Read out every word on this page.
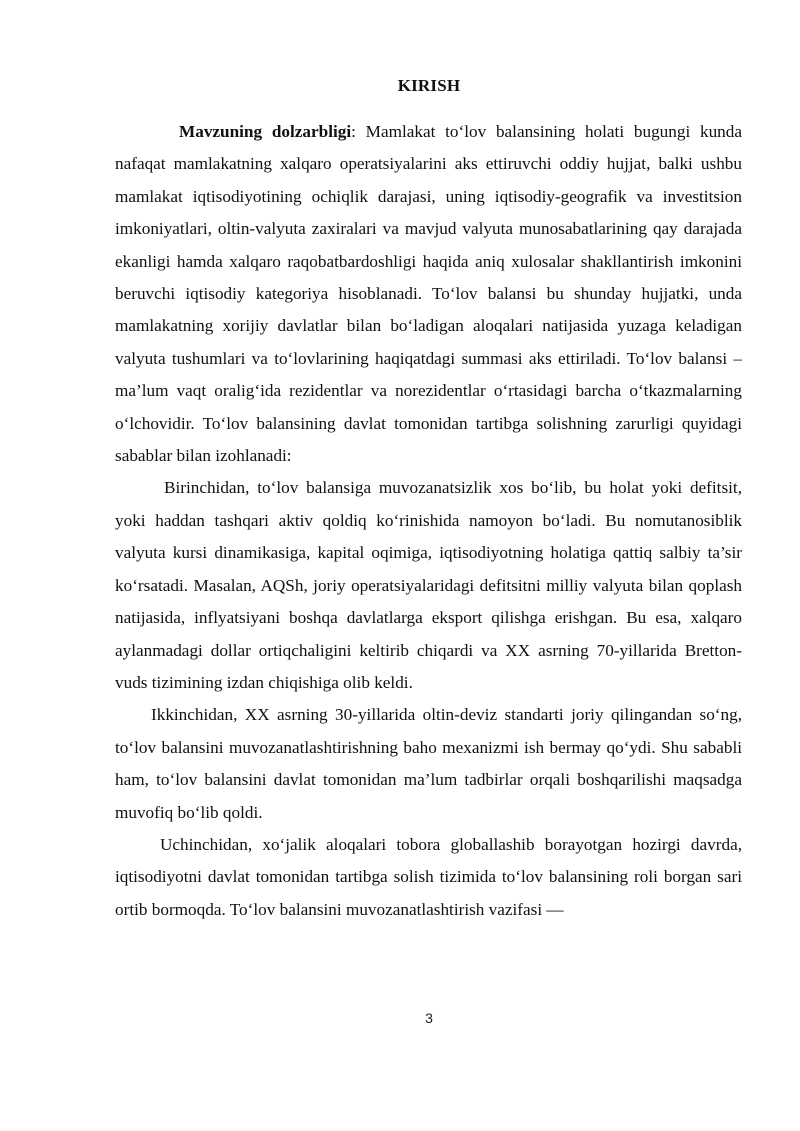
KIRISH

Mavzuning dolzarbligi: Mamlakat to‘lov balansining holati bugungi kunda nafaqat mamlakatning xalqaro operatsiyalarini aks ettiruvchi oddiy hujjat, balki ushbu mamlakat iqtisodiyotining ochiqlik darajasi, uning iqtisodiy-geografik va investitsion imkoniyatlari, oltin-valyuta zaxiralari va mavjud valyuta munosabatlarining qay darajada ekanligi hamda xalqaro raqobatbardoshligi haqida aniq xulosalar shakllantirish imkonini beruvchi iqtisodiy kategoriya hisoblanadi. To‘lov balansi bu shunday hujjatki, unda mamlakatning xorijiy davlatlar bilan bo‘ladigan aloqalari natijasida yuzaga keladigan valyuta tushumlari va to‘lovlarining haqiqatdagi summasi aks ettiriladi. To‘lov balansi – ma’lum vaqt oralig‘ida rezidentlar va norezidentlar o‘rtasidagi barcha o‘tkazmalarning o‘lchovidir. To‘lov balansining davlat tomonidan tartibga solishning zarurligi quyidagi sabablar bilan izohlanadi:

Birinchidan, to‘lov balansiga muvozanatsizlik xos bo‘lib, bu holat yoki defitsit, yoki haddan tashqari aktiv qoldiq ko‘rinishida namoyon bo‘ladi. Bu nomutanosiblik valyuta kursi dinamikasiga, kapital oqimiga, iqtisodiyotning holatiga qattiq salbiy ta’sir ko‘rsatadi. Masalan, AQSh, joriy operatsiyalaridagi defitsitni milliy valyuta bilan qoplash natijasida, inflyatsiyani boshqa davlatlarga eksport qilishga erishgan. Bu esa, xalqaro aylanmadagi dollar ortiqchaligini keltirib chiqardi va XX asrning 70-yillarida Bretton- vuds tizimining izdan chiqishiga olib keldi.

Ikkinchidan, XX asrning 30-yillarida oltin-deviz standarti joriy qilingandan so‘ng, to‘lov balansini muvozanatlashtirishning baho mexanizmi ish bermay qo‘ydi. Shu sababli ham, to‘lov balansini davlat tomonidan ma’lum tadbirlar orqali boshqarilishi maqsadga muvofiq bo‘lib qoldi.

Uchinchidan, xo‘jalik aloqalari tobora globallashib borayotgan hozirgi davrda, iqtisodiyotni davlat tomonidan tartibga solish tizimida to‘lov balansining roli borgan sari ortib bormoqda. To‘lov balansini muvozanatlashtirish vazifasi —

3
